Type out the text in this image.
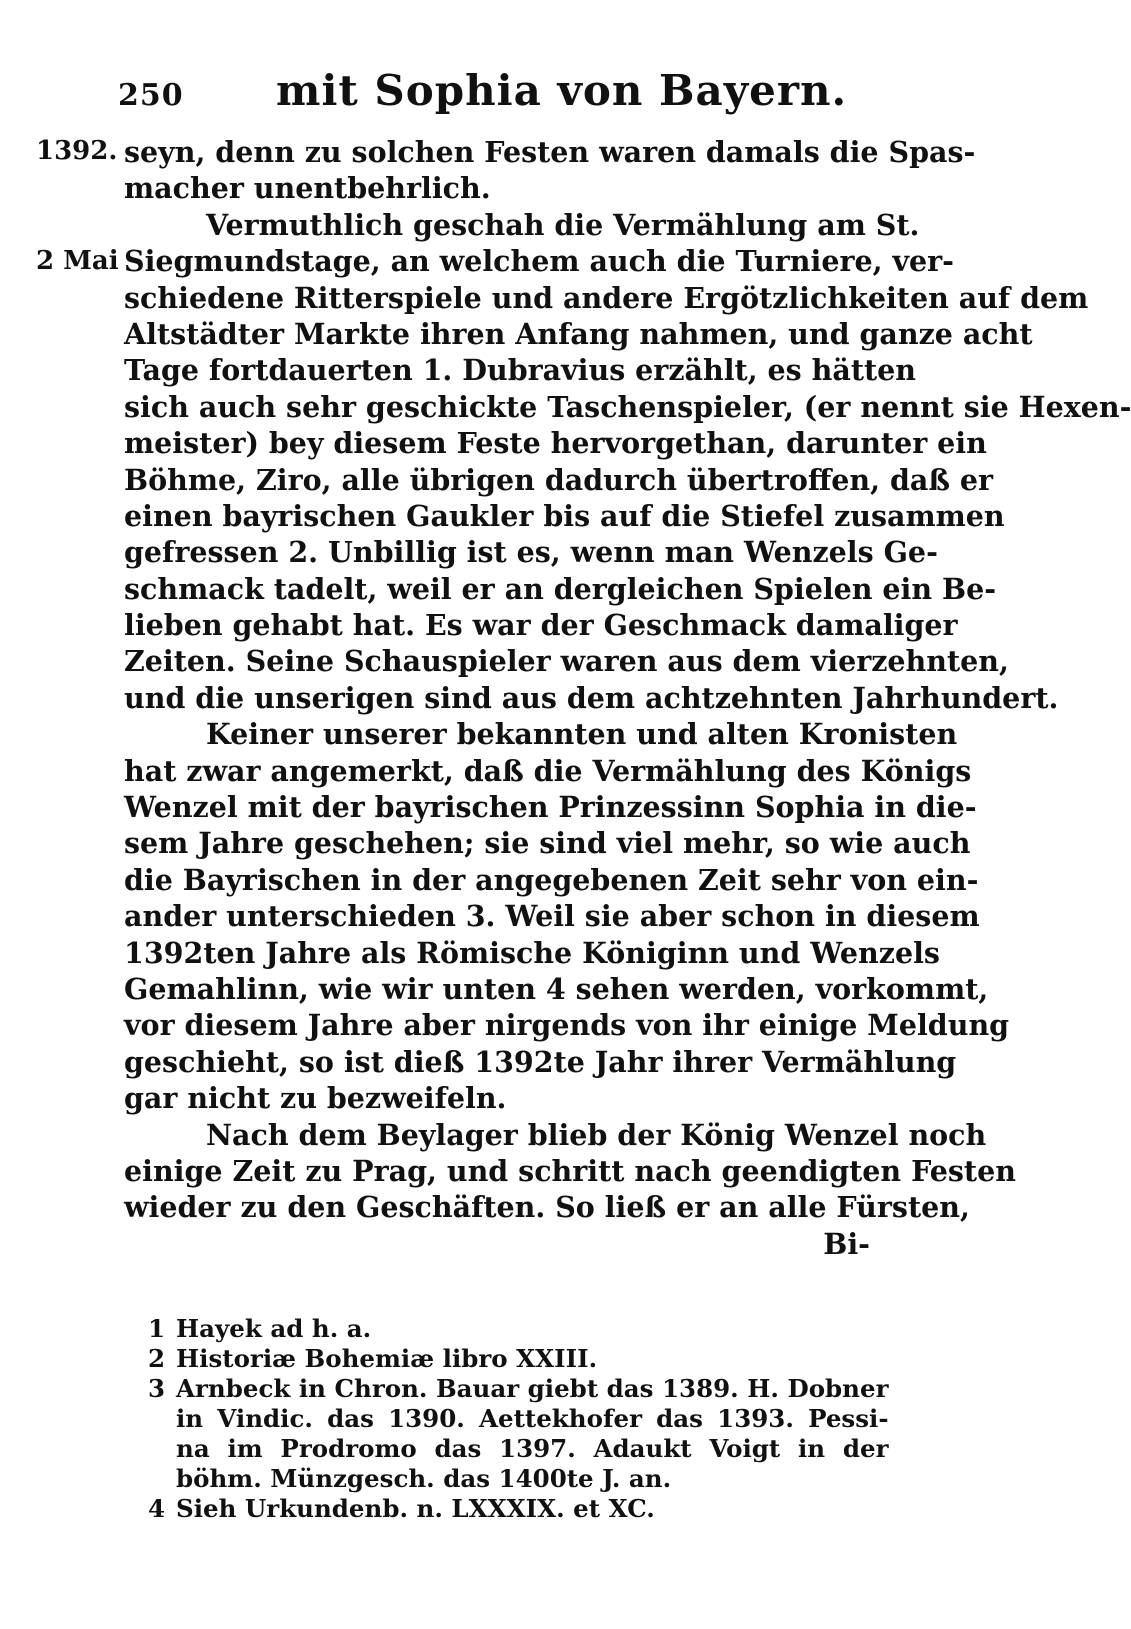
250 mit Sophia von Bayern.
1392.
2 Mai
seyn, denn zu solchen Festen waren damals die Spas-
macher unentbehrlich.
Vermuthlich geschah die Vermählung am St.
Siegmundstage, an welchem auch die Turniere, ver-
schiedene Ritterspiele und andere Ergötzlichkeiten auf dem
Altstädter Markte ihren Anfang nahmen, und ganze acht
Tage fortdauerten 1. Dubravius erzählt, es hätten
sich auch sehr geschickte Taschenspieler, (er nennt sie Hexen-
meister) bey diesem Feste hervorgethan, darunter ein
Böhme, Ziro, alle übrigen dadurch übertroffen, daß er
einen bayrischen Gaukler bis auf die Stiefel zusammen
gefressen 2. Unbillig ist es, wenn man Wenzels Ge-
schmack tadelt, weil er an dergleichen Spielen ein Be-
lieben gehabt hat. Es war der Geschmack damaliger
Zeiten. Seine Schauspieler waren aus dem vierzehnten,
und die unserigen sind aus dem achtzehnten Jahrhundert.
Keiner unserer bekannten und alten Kronisten
hat zwar angemerkt, daß die Vermählung des Königs
Wenzel mit der bayrischen Prinzessinn Sophia in die-
sem Jahre geschehen; sie sind viel mehr, so wie auch
die Bayrischen in der angegebenen Zeit sehr von ein-
ander unterschieden 3. Weil sie aber schon in diesem
1392ten Jahre als Römische Königinn und Wenzels
Gemahlinn, wie wir unten 4 sehen werden, vorkommt,
vor diesem Jahre aber nirgends von ihr einige Meldung
geschieht, so ist dieß 1392te Jahr ihrer Vermählung
gar nicht zu bezweifeln.
Nach dem Beylager blieb der König Wenzel noch
einige Zeit zu Prag, und schritt nach geendigten Festen
wieder zu den Geschäften. So ließ er an alle Fürsten,
Bi-
1 Hayek ad h. a.
2 Historiæ Bohemiæ libro XXIII.
3 Arnbeck in Chron. Bauar giebt das 1389. H. Dobner
in Vindic. das 1390. Aettekhofer das 1393. Pessi-
na im Prodromo das 1397. Adaukt Voigt in der
böhm. Münzgesch. das 1400te J. an.
4 Sieh Urkundenb. n. LXXXIX. et XC.
